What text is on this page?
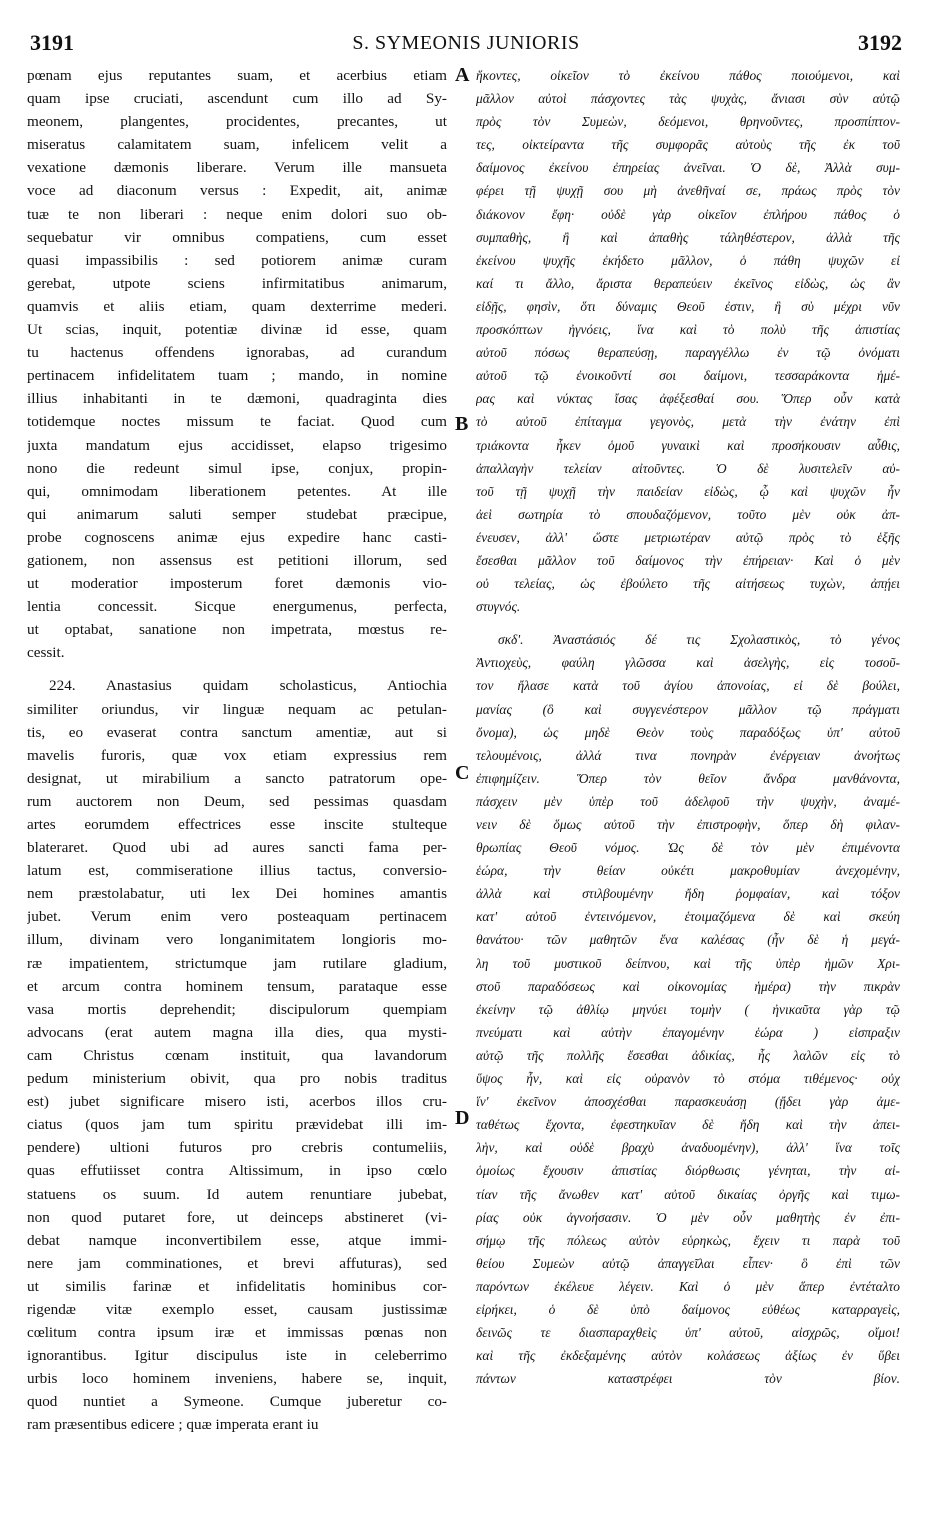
3191	S. SYMEONIS JUNIORIS	3192
pœnam ejus reputantes suam, et acerbius etiam
quam ipse cruciati, ascendunt cum illo ad Sy-
meonem, plangentes, procidentes, precantes, ut
miseratus calamitatem suam, infelicem velit a
vexatione dæmonis liberare. Verum ille mansueta
voce ad diaconum versus : Expedit, ait, animæ
tuæ te non liberari : neque enim dolori suo ob-
sequebatur vir omnibus compatiens, cum esset
quasi impassibilis : sed potiorem animæ curam
gerebat, utpote sciens infirmitatibus animarum,
quamvis et aliis etiam, quam dexterrime mederi.
Ut scias, inquit, potentiæ divinæ id esse, quam
tu hactenus offendens ignorabas, ad curandum
pertinacem infidelitatem tuam ; mando, in nomine
illius inhabitanti in te dæmoni, quadraginta dies
totidemque noctes missum te faciat. Quod cum
juxta mandatum ejus accidisset, elapso trigesimo
nono die redeunt simul ipse, conjux, propin-
qui, omnimodam liberationem petentes. At ille
qui animarum saluti semper studebat præcipue,
probe cognoscens animæ ejus expedire hanc casti-
gationem, non assensus est petitioni illorum, sed
ut moderatior imposterum foret dæmonis vio-
lentia concessit. Sicque energumenus, perfecta,
ut optabat, sanatione non impetrata, mœstus re-
cessit.
224. Anastasius quidam scholasticus, Antiochia
similiter oriundus, vir linguæ nequam ac petulan-
tis, eo evaserat contra sanctum amentiæ, aut si
mavelis furoris, quæ vox etiam expressius rem
designat, ut mirabilium a sancto patratorum ope-
rum auctorem non Deum, sed pessimas quasdam
artes eorumdem effectrices esse inscite stulteque
blateraret. Quod ubi ad aures sancti fama per-
latum est, commiseratione illius tactus, conversio-
nem præstolabatur, uti lex Dei homines amantis
jubet. Verum enim vero posteaquam pertinacem
illum, divinam vero longanimitatem longioris mo-
ræ impatientem, strictumque jam rutilare gladium,
et arcum contra hominem tensum, parataque esse
vasa mortis deprehendit; discipulorum quempiam
advocans (erat autem magna illa dies, qua mysti-
cam Christus cœnam instituit, qua lavandorum
pedum ministerium obivit, qua pro nobis traditus
est) jubet significare misero isti, acerbos illos cru-
ciatus (quos jam tum spiritu prævidebat illi im-
pendere) ultioni futuros pro crebris contumeliis,
quas effutiisset contra Altissimum, in ipso cœlo
statuens os suum. Id autem renuntiare jubebat,
non quod putaret fore, ut deinceps abstineret (vi-
debat namque inconvertibilem esse, atque immi-
nere jam comminationes, et brevi affuturas), sed
ut similis farinæ et infidelitatis hominibus cor-
rigendæ vitæ exemplo esset, causam justissimæ
cœlitum contra ipsum iræ et immissas pœnas non
ignorantibus. Igitur discipulus iste in celeberrimo
urbis loco hominem inveniens, habere se, inquit,
quod nuntiet a Symeone. Cumque juberetur co-
ram præsentibus edicere ; quæ imperata erant iu
ἥκοντες, οἰκεῖον τὸ ἐκείνου πάθος ποιούμενοι, καὶ
μᾶλλον αὐτοὶ πάσχοντες τὰς ψυχὰς, ἄνιασι σὺν αὐτῷ
πρὸς τὸν Συμεὼν, δεόμενοι, θρηνοῦντες, προσπίπτον-
τες, οἰκτείραντα τῆς συμφορᾶς αὐτοὺς τῆς ἐκ τοῦ
δαίμονος ἐκείνου ἐπηρείας ἀνεῖναι. Ὁ δὲ, Ἀλλὰ συμ-
φέρει τῇ ψυχῇ σου μὴ ἀνεθῆναί σε, πράως πρὸς τὸν
διάκονον ἔφη· οὐδὲ γὰρ οἰκεῖον ἐπλήρου πάθος ὁ
συμπαθὴς, ἢ καὶ ἀπαθὴς τάληθέστερον, ἀλλὰ τῆς
ἐκείνου ψυχῆς ἐκήδετο μᾶλλον, ὁ πάθη ψυχῶν εἰ
καί τι ἄλλο, ἄριστα θεραπεύειν ἐκεῖνος εἰδὼς, ὡς ἂν
εἰδῇς, φησὶν, ὅτι δύναμις Θεοῦ ἐστιν, ἣ σὺ μέχρι νῦν
προσκόπτων ἠγνόεις, ἵνα καὶ τὸ πολὺ τῆς ἀπιστίας
αὐτοῦ πόσως θεραπεύσῃ, παραγγέλλω ἐν τῷ ὀνόματι
αὐτοῦ τῷ ἐνοικοῦντί σοι δαίμονι, τεσσαράκοντα ἡμέ-
ρας καὶ νύκτας ἴσας ἀφέξεσθαί σου. Ὅπερ οὖν κατὰ
τὸ αὐτοῦ ἐπίταγμα γεγονὸς, μετὰ τὴν ἐνάτην ἐπὶ
τριάκοντα ἧκεν ὁμοῦ γυναικὶ καὶ προσήκουσιν αὖθις,
ἀπαλλαγὴν τελείαν αἰτοῦντες. Ὁ δὲ λυσιτελεῖν αὐ-
τοῦ τῇ ψυχῇ τὴν παιδείαν εἰδὼς, ᾧ καὶ ψυχῶν ἦν
ἀεὶ σωτηρία τὸ σπουδαζόμενον, τοῦτο μὲν οὐκ ἀπ-
ένευσεν, ἀλλ' ὥστε μετριωτέραν αὐτῷ πρὸς τὸ ἑξῆς
ἔσεσθαι μᾶλλον τοῦ δαίμονος τὴν ἐπήρειαν· Καὶ ὁ μὲν
οὐ τελείας, ὡς ἐβούλετο τῆς αἰτήσεως τυχὼν, ἀπῄει
στυγνός.
σκδ'. Ἀναστάσιός δέ τις Σχολαστικὸς, τὸ γένος
Ἀντιοχεὺς, φαύλη γλῶσσα καὶ ἀσελγὴς, εἰς τοσοῦ-
τον ἤλασε κατὰ τοῦ ἁγίου ἀπονοίας, εἰ δὲ βούλει,
μανίας (ὃ καὶ συγγενέστερον μᾶλλον τῷ πράγματι
ὄνομα), ὡς μηδὲ Θεὸν τοὺς παραδόξως ὑπ' αὐτοῦ
τελουμένοις, ἀλλά τινα πονηρὰν ἐνέργειαν ἀνοήτως
ἐπιφημίζειν. Ὅπερ τὸν θεῖον ἄνδρα μανθάνοντα,
πάσχειν μὲν ὑπὲρ τοῦ ἀδελφοῦ τὴν ψυχὴν, ἀναμέ-
νειν δὲ ὅμως αὐτοῦ τὴν ἐπιστροφὴν, ὅπερ δὴ φιλαν-
θρωπίας Θεοῦ νόμος. Ὡς δὲ τὸν μὲν ἐπιμένοντα
ἑώρα, τὴν θείαν οὐκέτι μακροθυμίαν ἀνεχομένην,
ἀλλὰ καὶ στιλβουμένην ἤδη ῥομφαίαν, καὶ τόξον
κατ' αὐτοῦ ἐντεινόμενον, ἑτοιμαζόμενα δὲ καὶ σκεύη
θανάτου· τῶν μαθητῶν ἕνα καλέσας (ἦν δὲ ἡ μεγά-
λη τοῦ μυστικοῦ δείπνου, καὶ τῆς ὑπὲρ ἡμῶν Χρι-
στοῦ παραδόσεως καὶ οἰκονομίας ἡμέρα) τὴν πικρὰν
ἐκείνην τῷ ἀθλίῳ μηνύει τομὴν ( ἠνικαῦτα γὰρ τῷ
πνεύματι καὶ αὐτὴν ἐπαγομένην ἑώρα ) εἰσπραξιν
αὐτῷ τῆς πολλῆς ἔσεσθαι ἀδικίας, ἧς λαλῶν εἰς τὸ
ὕψος ἦν, καὶ εἰς οὐρανὸν τὸ στόμα τιθέμενος· οὐχ
ἵν' ἐκεῖνον ἀποσχέσθαι παρασκευάσῃ (ᾔδει γὰρ ἀμε-
ταθέτως ἔχοντα, ἐφεστηκυῖαν δὲ ἤδη καὶ τὴν ἀπει-
λὴν, καὶ οὐδὲ βραχὺ ἀναδυομένην), ἀλλ' ἵνα τοῖς
ὁμοίως ἔχουσιν ἀπιστίας διόρθωσις γένηται, τὴν αἰ-
τίαν τῆς ἄνωθεν κατ' αὐτοῦ δικαίας ὀργῆς καὶ τιμω-
ρίας οὐκ ἀγνοήσασιν. Ὁ μὲν οὖν μαθητὴς ἐν ἐπι-
σήμῳ τῆς πόλεως αὐτὸν εὑρηκὼς, ἔχειν τι παρὰ τοῦ
θείου Συμεὼν αὐτῷ ἀπαγγεῖλαι εἶπεν· ὃ ἐπὶ τῶν
παρόντων ἐκέλευε λέγειν. Καὶ ὁ μὲν ἅπερ ἐντέταλτο
εἰρήκει, ὁ δὲ ὑπὸ δαίμονος εὐθέως καταρραγεὶς,
δεινῶς τε διασπαραχθεὶς ὑπ' αὐτοῦ, αἰσχρῶς, οἴμοι!
καὶ τῆς ἐκδεξαμένης αὐτὸν κολάσεως ἀξίως ἐν ὕβει
πάντων καταστρέφει τὸν βίον.
A
B
C
D
